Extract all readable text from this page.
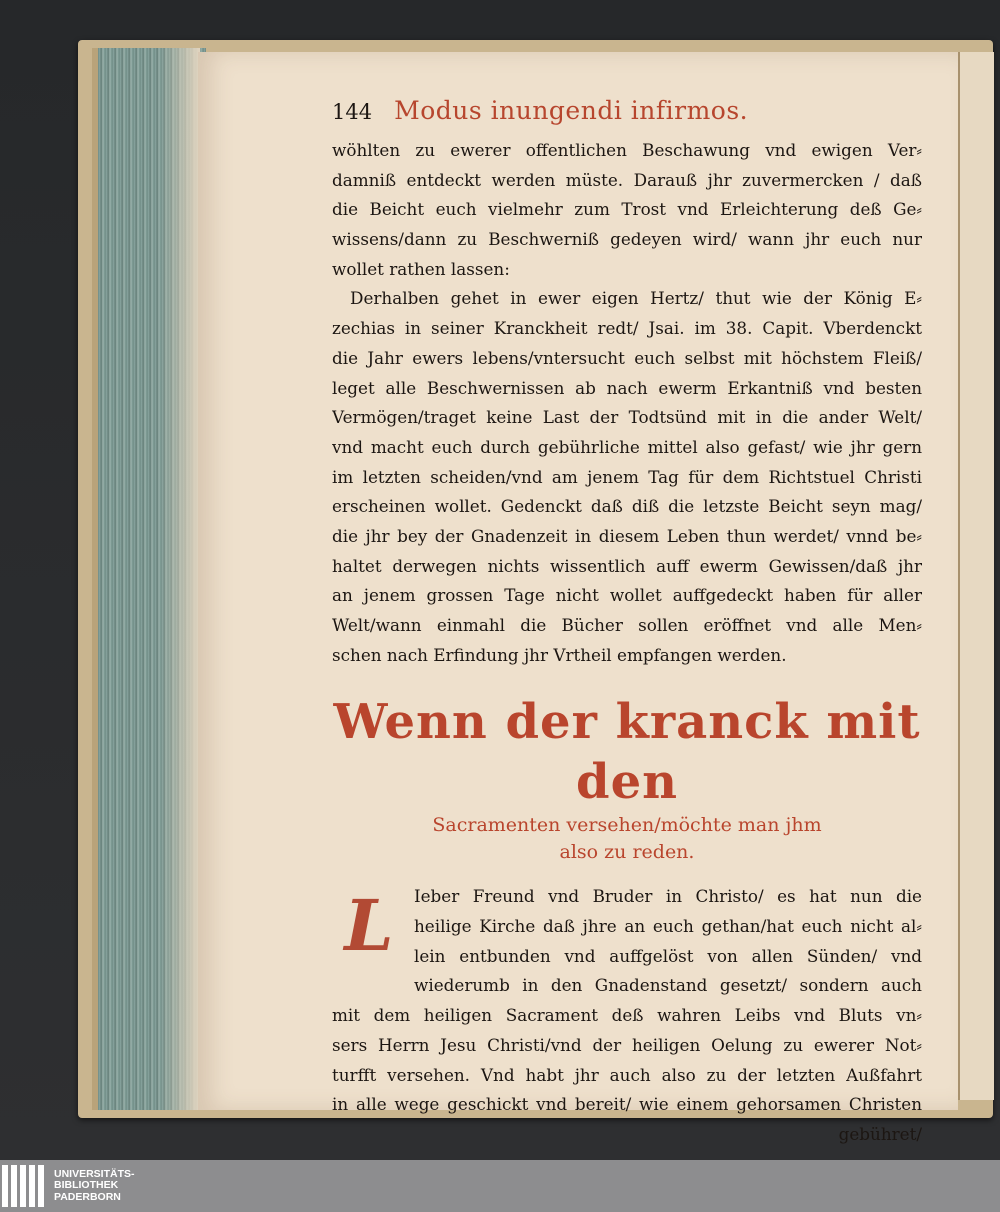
144 Modus inungendi infirmos.
wöhlten zu ewerer offentlichen Beschawung vnd ewigen Ver⸗
damniß entdeckt werden müste. Darauß jhr zuvermercken / daß
die Beicht euch vielmehr zum Trost vnd Erleichterung deß Ge⸗
wissens/dann zu Beschwerniß gedeyen wird/ wann jhr euch nur
wollet rathen lassen:
Derhalben gehet in ewer eigen Hertz/ thut wie der König E⸗
zechias in seiner Kranckheit redt/ Jsai. im 38. Capit. Vberdenckt
die Jahr ewers lebens/vntersucht euch selbst mit höchstem Fleiß/
leget alle Beschwernissen ab nach ewerm Erkantniß vnd besten
Vermögen/traget keine Last der Todtsünd mit in die ander Welt/
vnd macht euch durch gebührliche mittel also gefast/ wie jhr gern
im letzten scheiden/vnd am jenem Tag für dem Richtstuel Christi
erscheinen wollet. Gedenckt daß diß die letzste Beicht seyn mag/
die jhr bey der Gnadenzeit in diesem Leben thun werdet/ vnnd be⸗
haltet derwegen nichts wissentlich auff ewerm Gewissen/daß jhr
an jenem grossen Tage nicht wollet auffgedeckt haben für aller
Welt/wann einmahl die Bücher sollen eröffnet vnd alle Men⸗
schen nach Erfindung jhr Vrtheil empfangen werden.
Wenn der kranck mit den
Sacramenten versehen/möchte man jhm
also zu reden.
L Ieber Freund vnd Bruder in Christo/ es hat nun die
heilige Kirche daß jhre an euch gethan/hat euch nicht al⸗
lein entbunden vnd auffgelöst von allen Sünden/ vnd
wiederumb in den Gnadenstand gesetzt/ sondern auch
mit dem heiligen Sacrament deß wahren Leibs vnd Bluts vn⸗
sers Herrn Jesu Christi/vnd der heiligen Oelung zu ewerer Not⸗
turfft versehen. Vnd habt jhr auch also zu der letzten Außfahrt
in alle wege geschickt vnd bereit/ wie einem gehorsamen Christen
gebühret/
UNIVERSITÄTS-
BIBLIOTHEK
PADERBORN
